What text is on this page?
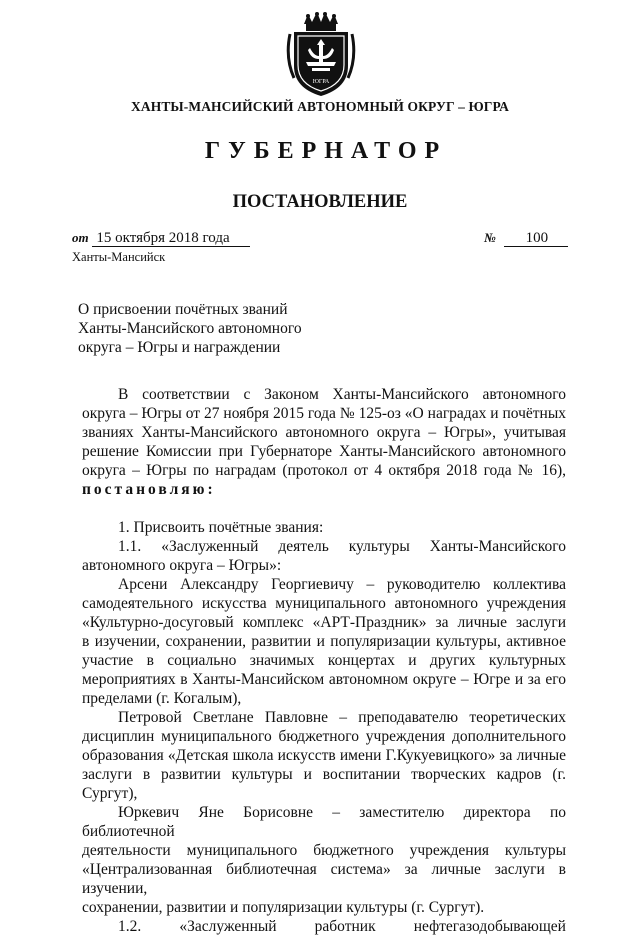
ЮГРА
ХАНТЫ-МАНСИЙСКИЙ АВТОНОМНЫЙ ОКРУГ – ЮГРА
ГУБЕРНАТОР
ПОСТАНОВЛЕНИЕ
от 15 октября 2018 года	№ 100
Ханты-Мансийск
О присвоении почётных званий
Ханты-Мансийского автономного
округа – Югры и награждении
В соответствии с Законом Ханты-Мансийского автономного
округа – Югры от 27 ноября 2015 года № 125-оз «О наградах и почётных
званиях Ханты-Мансийского автономного округа – Югры», учитывая
решение Комиссии при Губернаторе Ханты-Мансийского автономного
округа – Югры по наградам (протокол от 4 октября 2018 года № 16),
постановляю:
1. Присвоить почётные звания:
1.1. «Заслуженный деятель культуры Ханты-Мансийского
автономного округа – Югры»:
Арсени Александру Георгиевичу – руководителю коллектива
самодеятельного искусства муниципального автономного учреждения
«Культурно-досуговый комплекс «АРТ-Праздник» за личные заслуги
в изучении, сохранении, развитии и популяризации культуры, активное
участие в социально значимых концертах и других культурных
мероприятиях в Ханты-Мансийском автономном округе – Югре и за его
пределами (г. Когалым),
Петровой Светлане Павловне – преподавателю теоретических
дисциплин муниципального бюджетного учреждения дополнительного
образования «Детская школа искусств имени Г.Кукуевицкого» за личные
заслуги в развитии культуры и воспитании творческих кадров (г. Сургут),
Юркевич Яне Борисовне – заместителю директора по библиотечной
деятельности муниципального бюджетного учреждения культуры
«Централизованная библиотечная система» за личные заслуги в изучении,
сохранении, развитии и популяризации культуры (г. Сургут).
1.2. «Заслуженный работник нефтегазодобывающей
